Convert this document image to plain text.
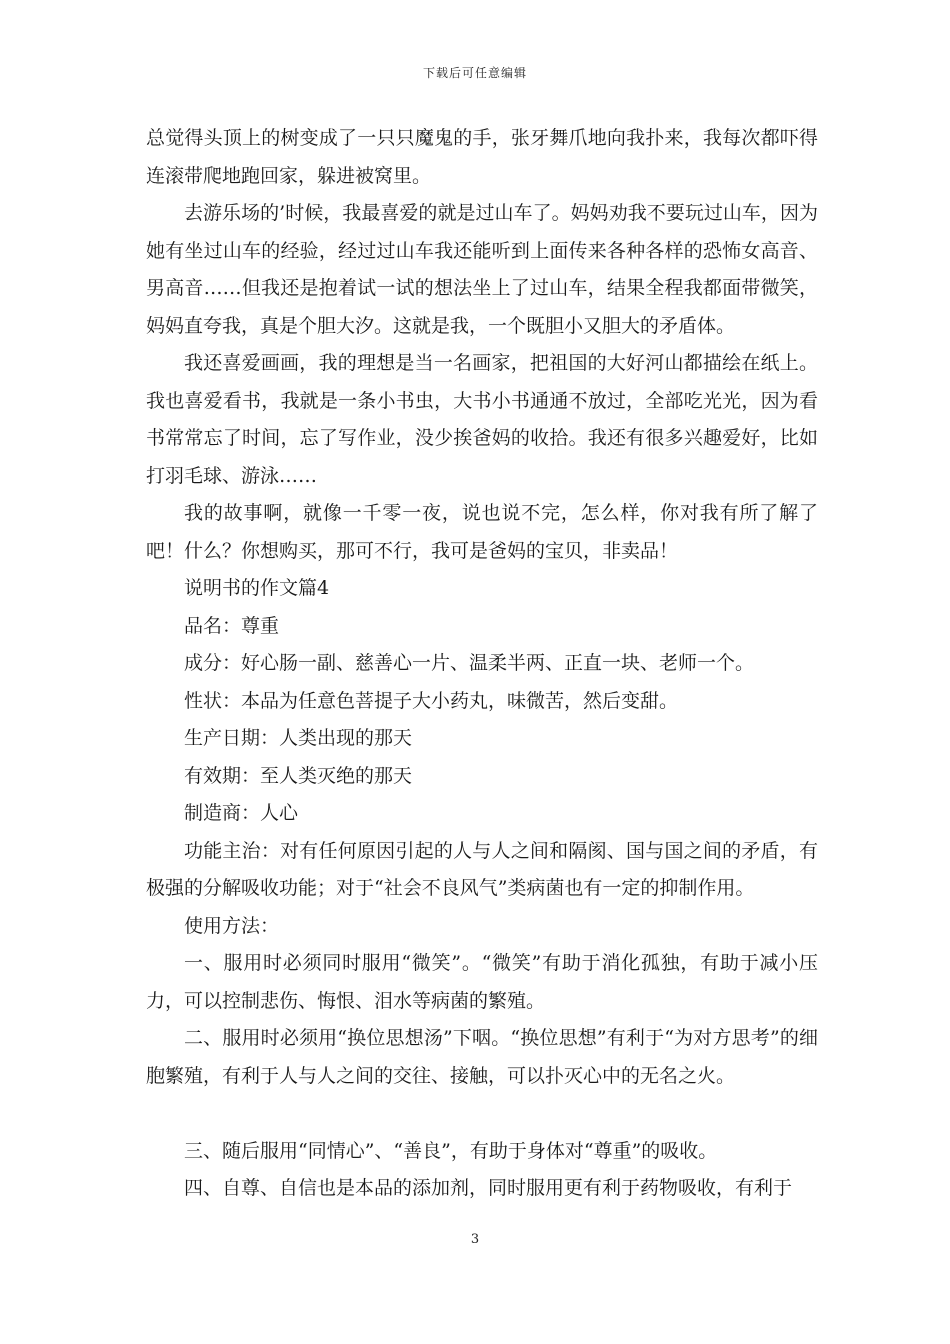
下载后可任意编辑

总觉得头顶上的树变成了一只只魔鬼的手，张牙舞爪地向我扑来，我每次都吓得连滚带爬地跑回家，躲进被窝里。

去游乐场的’时候，我最喜爱的就是过山车了。妈妈劝我不要玩过山车，因为她有坐过山车的经验，经过过山车我还能听到上面传来各种各样的恐怖女高音、男高音……但我还是抱着试一试的想法坐上了过山车，结果全程我都面带微笑，妈妈直夸我，真是个胆大汐。这就是我，一个既胆小又胆大的矛盾体。

我还喜爱画画，我的理想是当一名画家，把祖国的大好河山都描绘在纸上。我也喜爱看书，我就是一条小书虫，大书小书通通不放过，全部吃光光，因为看书常常忘了时间，忘了写作业，没少挨爸妈的收拾。我还有很多兴趣爱好，比如打羽毛球、游泳……

我的故事啊，就像一千零一夜，说也说不完，怎么样，你对我有所了解了吧！什么？你想购买，那可不行，我可是爸妈的宝贝，非卖品！

说明书的作文篇4

品名：尊重

成分：好心肠一副、慈善心一片、温柔半两、正直一块、老师一个。

性状：本品为任意色菩提子大小药丸，味微苦，然后变甜。

生产日期：人类出现的那天

有效期：至人类灭绝的那天

制造商：人心

功能主治：对有任何原因引起的人与人之间和隔阂、国与国之间的矛盾，有极强的分解吸收功能；对于“社会不良风气”类病菌也有一定的抑制作用。

使用方法：

一、服用时必须同时服用“微笑”。“微笑”有助于消化孤独，有助于减小压力，可以控制悲伤、悔恨、泪水等病菌的繁殖。

二、服用时必须用“换位思想汤”下咽。“换位思想”有利于“为对方思考”的细胞繁殖，有利于人与人之间的交往、接触，可以扑灭心中的无名之火。

三、随后服用“同情心”、“善良”，有助于身体对“尊重”的吸收。

四、自尊、自信也是本品的添加剂，同时服用更有利于药物吸收，有利于

3
